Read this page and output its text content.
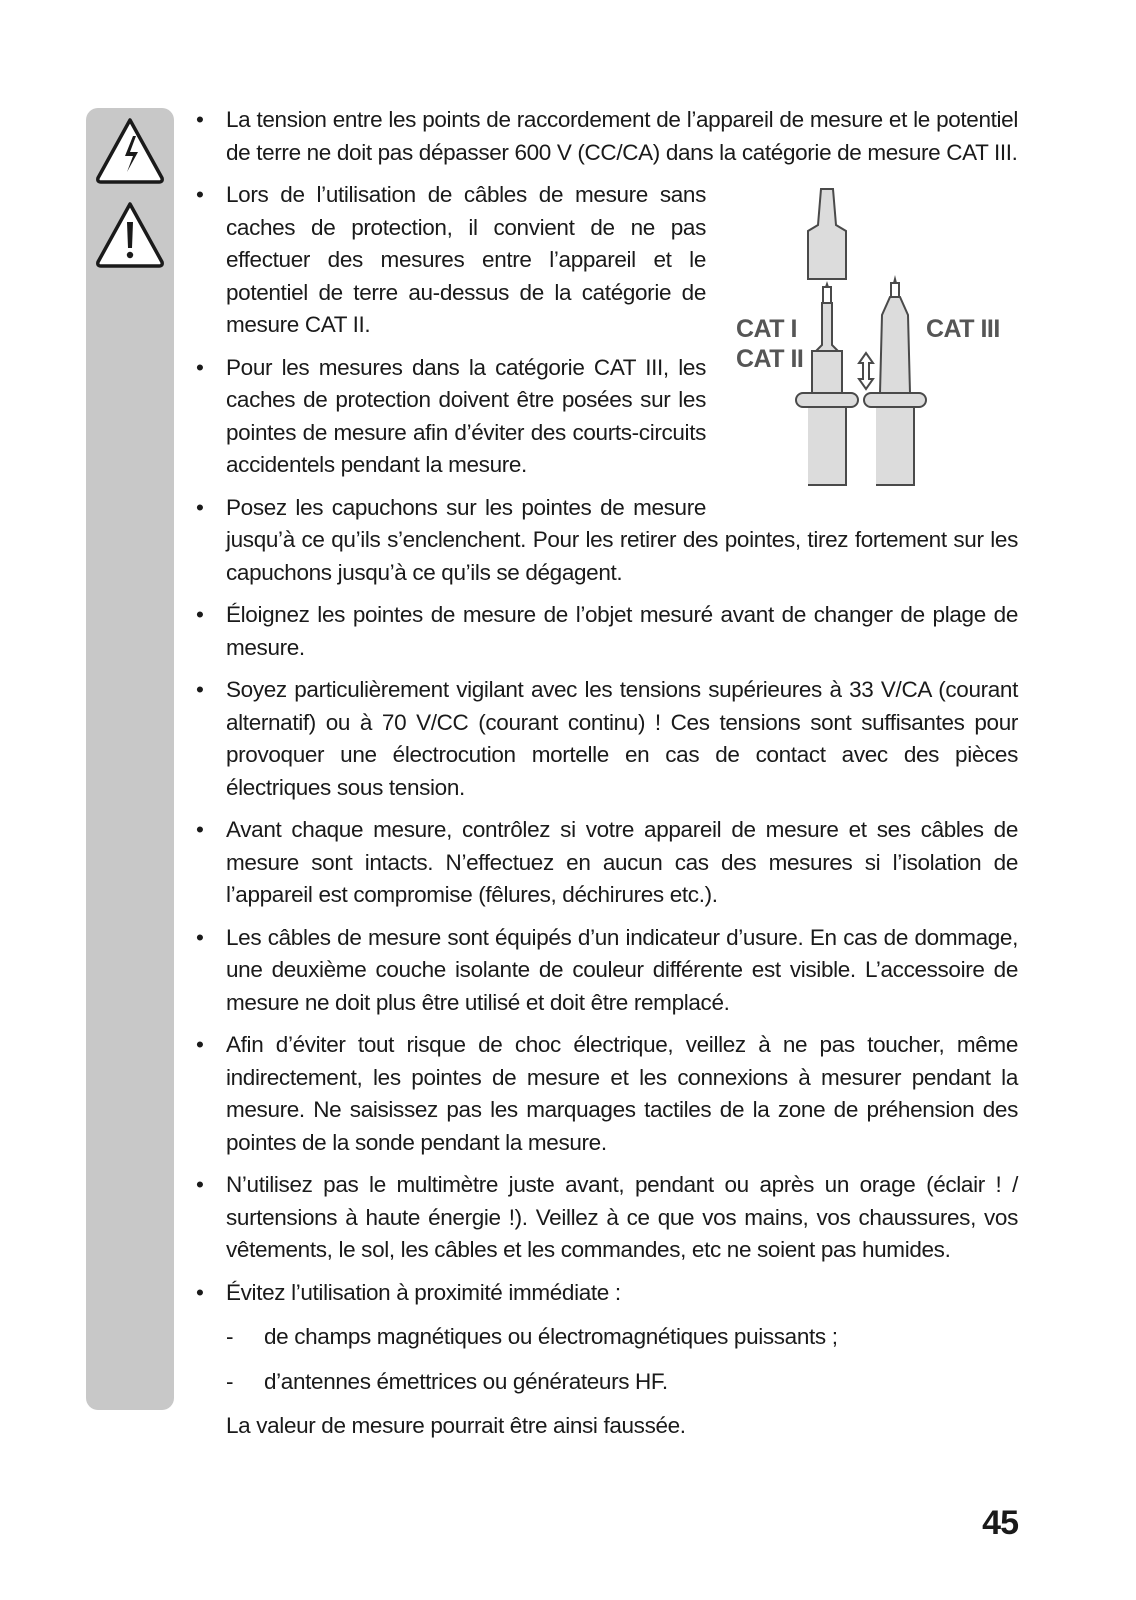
• La tension entre les points de raccordement de l’appareil de mesure et le potentiel de terre ne doit pas dépasser 600 V (CC/CA) dans la catégorie de mesure CAT III.
CAT I
CAT II
CAT III
• Lors de l’utilisation de câbles de mesure sans caches de protection, il convient de ne pas effectuer des mesures entre l’appareil et le potentiel de terre au-dessus de la catégorie de mesure CAT II.
• Pour les mesures dans la catégorie CAT III, les caches de protection doivent être posées sur les pointes de mesure afin d’éviter des courts-circuits accidentels pendant la mesure.
• Posez les capuchons sur les pointes de mesure jusqu’à ce qu’ils s’enclenchent. Pour les retirer des pointes, tirez fortement sur les capuchons jusqu’à ce qu’ils se dégagent.
• Éloignez les pointes de mesure de l’objet mesuré avant de changer de plage de mesure.
• Soyez particulièrement vigilant avec les tensions supérieures à 33 V/CA (courant alternatif) ou à 70 V/CC (courant continu) ! Ces tensions sont suffisantes pour provoquer une électrocution mortelle en cas de contact avec des pièces électriques sous tension.
• Avant chaque mesure, contrôlez si votre appareil de mesure et ses câbles de mesure sont intacts. N’effectuez en aucun cas des mesures si l’isolation de l’appareil est compromise (fêlures, déchirures etc.).
• Les câbles de mesure sont équipés d’un indicateur d’usure. En cas de dommage, une deuxième couche isolante de couleur différente est visible. L’accessoire de mesure ne doit plus être utilisé et doit être remplacé.
• Afin d’éviter tout risque de choc électrique, veillez à ne pas toucher, même indirectement, les pointes de mesure et les connexions à mesurer pendant la mesure. Ne saisissez pas les marquages tactiles de la zone de préhension des pointes de la sonde pendant la mesure.
• N’utilisez pas le multimètre juste avant, pendant ou après un orage (éclair ! / surtensions à haute énergie !). Veillez à ce que vos mains, vos chaussures, vos vêtements, le sol, les câbles et les commandes, etc ne soient pas humides.
• Évitez l’utilisation à proximité immédiate :
- de champs magnétiques ou électromagnétiques puissants ;
- d’antennes émettrices ou générateurs HF.
La valeur de mesure pourrait être ainsi faussée.
45
